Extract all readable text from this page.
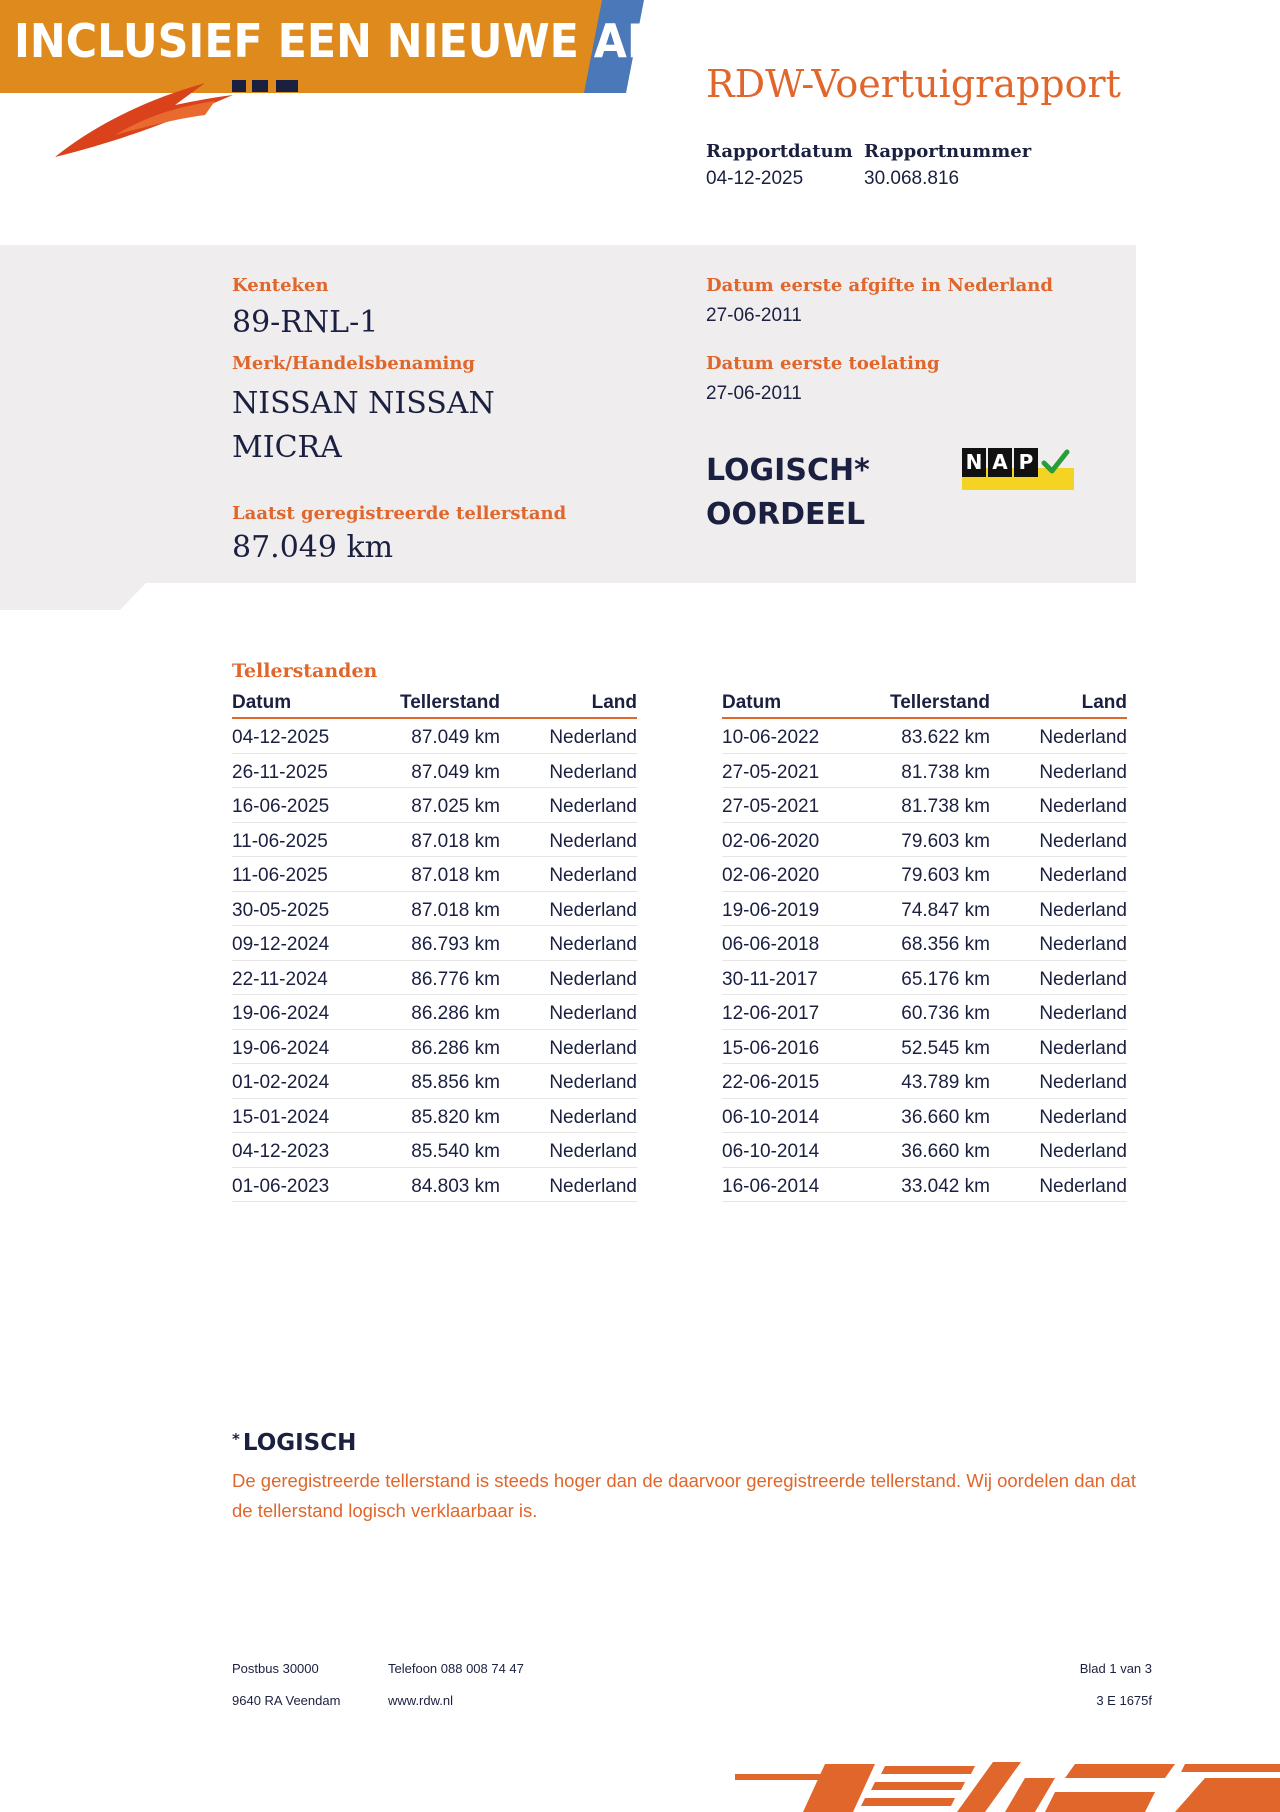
INCLUSIEF EEN NIEUWE APK
RDW-Voertuigrapport
Rapportdatum
04-12-2025
Rapportnummer
30.068.816
Kenteken
89-RNL-1
Merk/Handelsbenaming
NISSAN NISSAN
MICRA
Laatst geregistreerde tellerstand
87.049 km
Datum eerste afgifte in Nederland
27-06-2011
Datum eerste toelating
27-06-2011
LOGISCH*
OORDEEL
N A P
Tellerstanden
Datum	Tellerstand	Land
04-12-2025	87.049 km	Nederland
26-11-2025	87.049 km	Nederland
16-06-2025	87.025 km	Nederland
11-06-2025	87.018 km	Nederland
11-06-2025	87.018 km	Nederland
30-05-2025	87.018 km	Nederland
09-12-2024	86.793 km	Nederland
22-11-2024	86.776 km	Nederland
19-06-2024	86.286 km	Nederland
19-06-2024	86.286 km	Nederland
01-02-2024	85.856 km	Nederland
15-01-2024	85.820 km	Nederland
04-12-2023	85.540 km	Nederland
01-06-2023	84.803 km	Nederland
Datum	Tellerstand	Land
10-06-2022	83.622 km	Nederland
27-05-2021	81.738 km	Nederland
27-05-2021	81.738 km	Nederland
02-06-2020	79.603 km	Nederland
02-06-2020	79.603 km	Nederland
19-06-2019	74.847 km	Nederland
06-06-2018	68.356 km	Nederland
30-11-2017	65.176 km	Nederland
12-06-2017	60.736 km	Nederland
15-06-2016	52.545 km	Nederland
22-06-2015	43.789 km	Nederland
06-10-2014	36.660 km	Nederland
06-10-2014	36.660 km	Nederland
16-06-2014	33.042 km	Nederland
* LOGISCH
De geregistreerde tellerstand is steeds hoger dan de daarvoor geregistreerde tellerstand. Wij oordelen dan dat de tellerstand logisch verklaarbaar is.
Postbus 30000
9640 RA Veendam
Telefoon 088 008 74 47
www.rdw.nl
Blad 1 van 3
3 E 1675f
